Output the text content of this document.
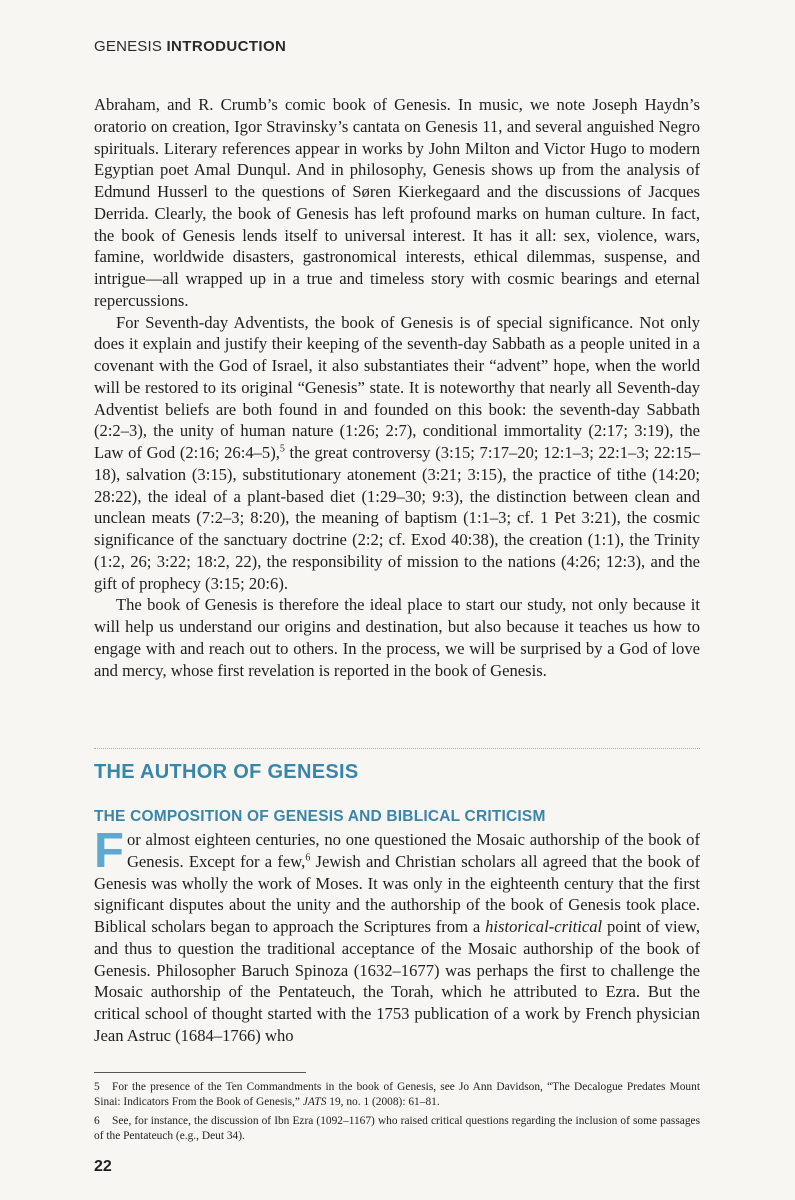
GENESIS INTRODUCTION

Abraham, and R. Crumb’s comic book of Genesis. In music, we note Joseph Haydn’s oratorio on creation, Igor Stravinsky’s cantata on Genesis 11, and several anguished Negro spirituals. Literary references appear in works by John Milton and Victor Hugo to modern Egyptian poet Amal Dunqul. And in philosophy, Genesis shows up from the analysis of Edmund Husserl to the questions of Søren Kierkegaard and the discussions of Jacques Derrida. Clearly, the book of Genesis has left profound marks on human culture. In fact, the book of Genesis lends itself to universal interest. It has it all: sex, violence, wars, famine, worldwide disasters, gastronomical interests, ethical dilemmas, suspense, and intrigue—all wrapped up in a true and timeless story with cosmic bearings and eternal repercussions.

For Seventh-day Adventists, the book of Genesis is of special significance. Not only does it explain and justify their keeping of the seventh-day Sabbath as a people united in a covenant with the God of Israel, it also substantiates their “advent” hope, when the world will be restored to its original “Genesis” state. It is noteworthy that nearly all Seventh-day Adventist beliefs are both found in and founded on this book: the seventh-day Sabbath (2:2–3), the unity of human nature (1:26; 2:7), conditional immortality (2:17; 3:19), the Law of God (2:16; 26:4–5),$^5$ the great controversy (3:15; 7:17–20; 12:1–3; 22:1–3; 22:15–18), salvation (3:15), substitutionary atonement (3:21; 3:15), the practice of tithe (14:20; 28:22), the ideal of a plant-based diet (1:29–30; 9:3), the distinction between clean and unclean meats (7:2–3; 8:20), the meaning of baptism (1:1–3; cf. 1 Pet 3:21), the cosmic significance of the sanctuary doctrine (2:2; cf. Exod 40:38), the creation (1:1), the Trinity (1:2, 26; 3:22; 18:2, 22), the responsibility of mission to the nations (4:26; 12:3), and the gift of prophecy (3:15; 20:6).

The book of Genesis is therefore the ideal place to start our study, not only because it will help us understand our origins and destination, but also because it teaches us how to engage with and reach out to others. In the process, we will be surprised by a God of love and mercy, whose first revelation is reported in the book of Genesis.

THE AUTHOR OF GENESIS
THE COMPOSITION OF GENESIS AND BIBLICAL CRITICISM

For almost eighteen centuries, no one questioned the Mosaic authorship of the book of Genesis. Except for a few,$^6$ Jewish and Christian scholars all agreed that the book of Genesis was wholly the work of Moses. It was only in the eighteenth century that the first significant disputes about the unity and the authorship of the book of Genesis took place. Biblical scholars began to approach the Scriptures from a historical-critical point of view, and thus to question the traditional acceptance of the Mosaic authorship of the book of Genesis. Philosopher Baruch Spinoza (1632–1677) was perhaps the first to challenge the Mosaic authorship of the Pentateuch, the Torah, which he attributed to Ezra. But the critical school of thought started with the 1753 publication of a work by French physician Jean Astruc (1684–1766) who

5 For the presence of the Ten Commandments in the book of Genesis, see Jo Ann Davidson, “The Decalogue Predates Mount Sinai: Indicators From the Book of Genesis,” JATS 19, no. 1 (2008): 61–81.

6 See, for instance, the discussion of Ibn Ezra (1092–1167) who raised critical questions regarding the inclusion of some passages of the Pentateuch (e.g., Deut 34).

22
